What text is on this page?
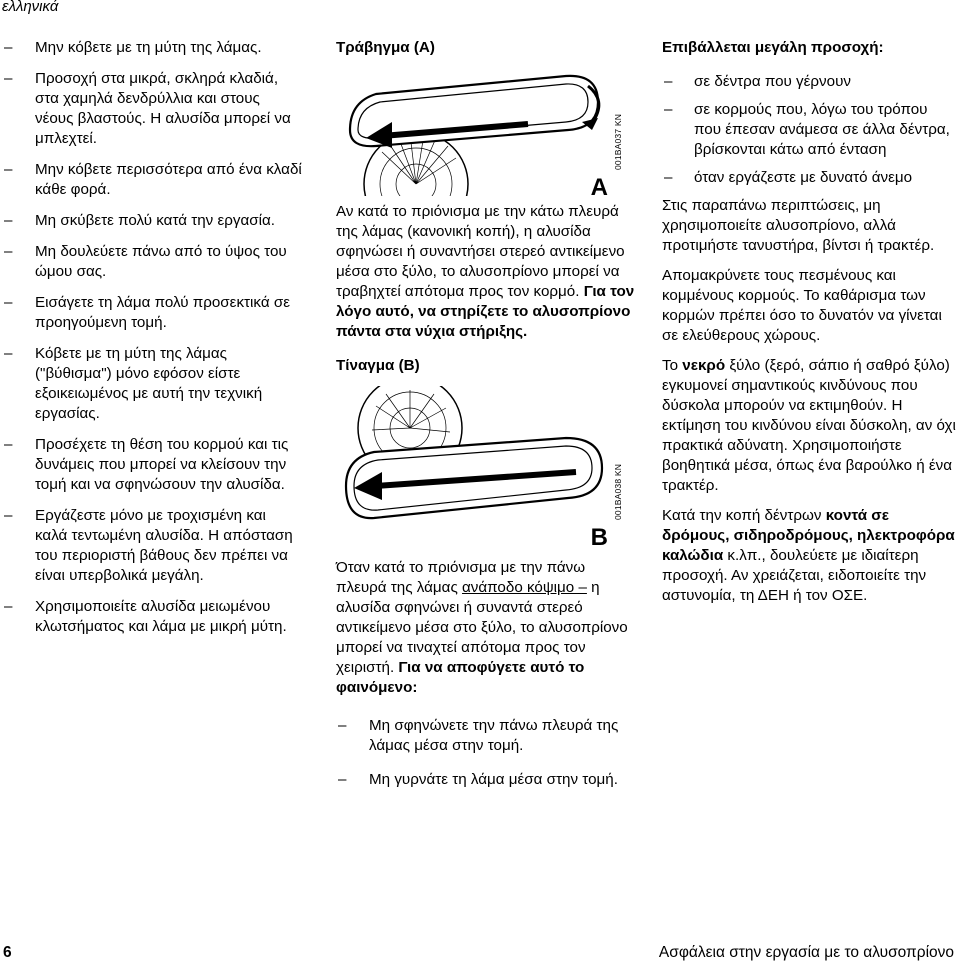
ελληνικά
– Μην κόβετε με τη μύτη της λάμας.
– Προσοχή στα μικρά, σκληρά κλαδιά, στα χαμηλά δενδρύλλια και στους νέους βλαστούς. Η αλυσίδα μπορεί να μπλεχτεί.
– Μην κόβετε περισσότερα από ένα κλαδί κάθε φορά.
– Μη σκύβετε πολύ κατά την εργασία.
– Μη δουλεύετε πάνω από το ύψος του ώμου σας.
– Εισάγετε τη λάμα πολύ προσεκτικά σε προηγούμενη τομή.
– Κόβετε με τη μύτη της λάμας ("βύθισμα") μόνο εφόσον είστε εξοικειωμένος με αυτή την τεχνική εργασίας.
– Προσέχετε τη θέση του κορμού και τις δυνάμεις που μπορεί να κλείσουν την τομή και να σφηνώσουν την αλυσίδα.
– Εργάζεστε μόνο με τροχισμένη και καλά τεντωμένη αλυσίδα. Η απόσταση του περιοριστή βάθους δεν πρέπει να είναι υπερβολικά μεγάλη.
– Χρησιμοποιείτε αλυσίδα μειωμένου κλωτσήματος και λάμα με μικρή μύτη.
Τράβηγμα (A)
A
001BA037 KN
Αν κατά το πριόνισμα με την κάτω πλευρά της λάμας (κανονική κοπή), η αλυσίδα σφηνώσει ή συναντήσει στερεό αντικείμενο μέσα στο ξύλο, το αλυσοπρίονο μπορεί να τραβηχτεί απότομα προς τον κορμό. Για τον λόγο αυτό, να στηρίζετε το αλυσοπρίονο πάντα στα νύχια στήριξης.
Τίναγμα (B)
B
001BA038 KN
Όταν κατά το πριόνισμα με την πάνω πλευρά της λάμας ανάποδο κόψιμο – η αλυσίδα σφηνώνει ή συναντά στερεό αντικείμενο μέσα στο ξύλο, το αλυσοπρίονο μπορεί να τιναχτεί απότομα προς τον χειριστή. Για να αποφύγετε αυτό το φαινόμενο:
– Μη σφηνώνετε την πάνω πλευρά της λάμας μέσα στην τομή.
– Μη γυρνάτε τη λάμα μέσα στην τομή.
Επιβάλλεται μεγάλη προσοχή:
– σε δέντρα που γέρνουν
– σε κορμούς που, λόγω του τρόπου που έπεσαν ανάμεσα σε άλλα δέντρα, βρίσκονται κάτω από ένταση
– όταν εργάζεστε με δυνατό άνεμο
Στις παραπάνω περιπτώσεις, μη χρησιμοποιείτε αλυσοπρίονο, αλλά προτιμήστε τανυστήρα, βίντσι ή τρακτέρ.
Απομακρύνετε τους πεσμένους και κομμένους κορμούς. Το καθάρισμα των κορμών πρέπει όσο το δυνατόν να γίνεται σε ελεύθερους χώρους.
Το νεκρό ξύλο (ξερό, σάπιο ή σαθρό ξύλο) εγκυμονεί σημαντικούς κινδύνους που δύσκολα μπορούν να εκτιμηθούν. Η εκτίμηση του κινδύνου είναι δύσκολη, αν όχι πρακτικά αδύνατη. Χρησιμοποιήστε βοηθητικά μέσα, όπως ένα βαρούλκο ή ένα τρακτέρ.
Κατά την κοπή δέντρων κοντά σε δρόμους, σιδηροδρόμους, ηλεκτροφόρα καλώδια κ.λπ., δουλεύετε με ιδιαίτερη προσοχή. Αν χρειάζεται, ειδοποιείτε την αστυνομία, τη ΔΕΗ ή τον ΟΣΕ.
6	Ασφάλεια στην εργασία με το αλυσοπρίονο
